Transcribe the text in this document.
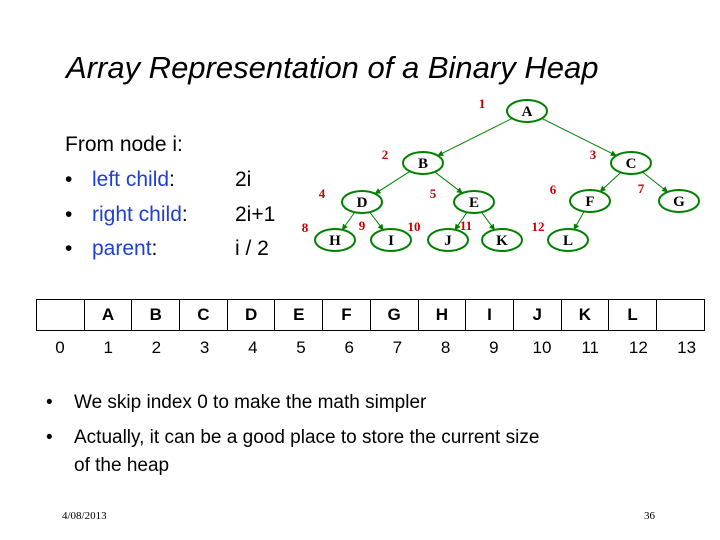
Array Representation of a Binary Heap
From node i:
• left child:	2i
• right child: 2i+1
• parent:	i / 2
A
1
B
2
C
3
D
4
E
5
F
6
G
7
H
8
I
9
J
10
K
11
L
12
	A	B	C	D	E	F	G	H	I	J	K	L	
0	1	2	3	4	5	6	7	8	9	10	11	12	13
• We skip index 0 to make the math simpler
• Actually, it can be a good place to store the current size
of the heap
4/08/2013	36
